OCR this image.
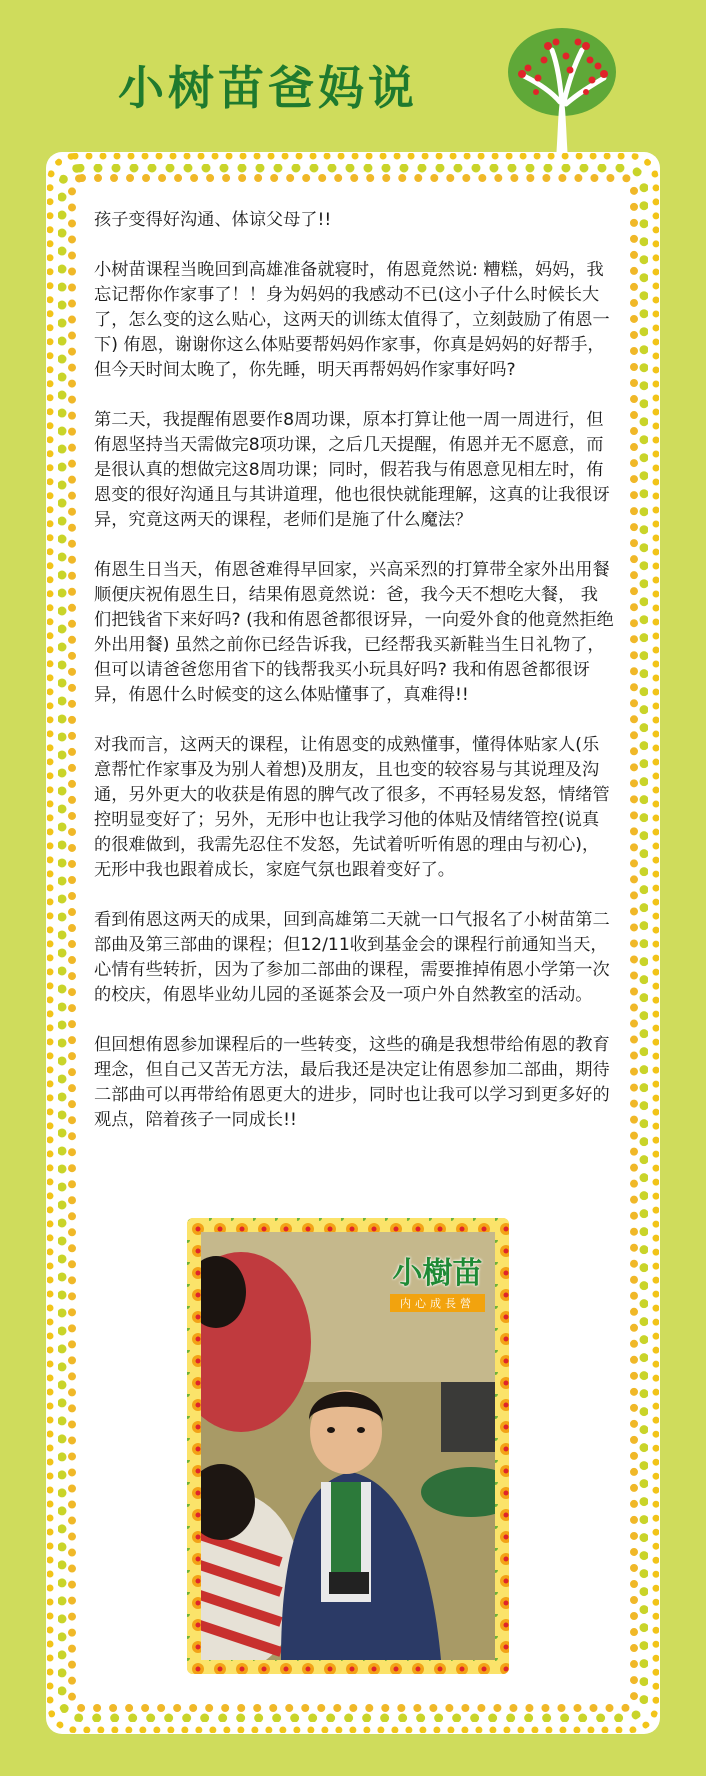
小树苗爸妈说

孩子变得好沟通、体谅父母了!!

小树苗课程当晚回到高雄准备就寝时，侑恩竟然说: 糟糕，妈妈，我忘记帮你作家事了！！身为妈妈的我感动不已(这小子什么时候长大了，怎么变的这么贴心，这两天的训练太值得了，立刻鼓励了侑恩一下) 侑恩，谢谢你这么体贴要帮妈妈作家事，你真是妈妈的好帮手，但今天时间太晚了，你先睡，明天再帮妈妈作家事好吗?

第二天，我提醒侑恩要作8周功课，原本打算让他一周一周进行，但侑恩坚持当天需做完8项功课，之后几天提醒，侑恩并无不愿意，而是很认真的想做完这8周功课；同时，假若我与侑恩意见相左时，侑恩变的很好沟通且与其讲道理，他也很快就能理解，这真的让我很讶异，究竟这两天的课程，老师们是施了什么魔法？

侑恩生日当天，侑恩爸难得早回家，兴高采烈的打算带全家外出用餐顺便庆祝侑恩生日，结果侑恩竟然说：爸，我今天不想吃大餐， 我们把钱省下来好吗? (我和侑恩爸都很讶异，一向爱外食的他竟然拒绝外出用餐) 虽然之前你已经告诉我，已经帮我买新鞋当生日礼物了，但可以请爸爸您用省下的钱帮我买小玩具好吗? 我和侑恩爸都很讶异，侑恩什么时候变的这么体贴懂事了，真难得!!

对我而言，这两天的课程，让侑恩变的成熟懂事，懂得体贴家人(乐意帮忙作家事及为别人着想)及朋友，且也变的较容易与其说理及沟通，另外更大的收获是侑恩的脾气改了很多，不再轻易发怒，情绪管控明显变好了；另外，无形中也让我学习他的体贴及情绪管控(说真的很难做到，我需先忍住不发怒，先试着听听侑恩的理由与初心)，无形中我也跟着成长，家庭气氛也跟着变好了。

看到侑恩这两天的成果，回到高雄第二天就一口气报名了小树苗第二部曲及第三部曲的课程；但12/11收到基金会的课程行前通知当天，心情有些转折，因为了参加二部曲的课程，需要推掉侑恩小学第一次的校庆，侑恩毕业幼儿园的圣诞茶会及一项户外自然教室的活动。

但回想侑恩参加课程后的一些转变，这些的确是我想带给侑恩的教育理念，但自己又苦无方法，最后我还是决定让侑恩参加二部曲，期待二部曲可以再带给侑恩更大的进步，同时也让我可以学习到更多好的观点，陪着孩子一同成长!!

小樹苗
内心成長營
